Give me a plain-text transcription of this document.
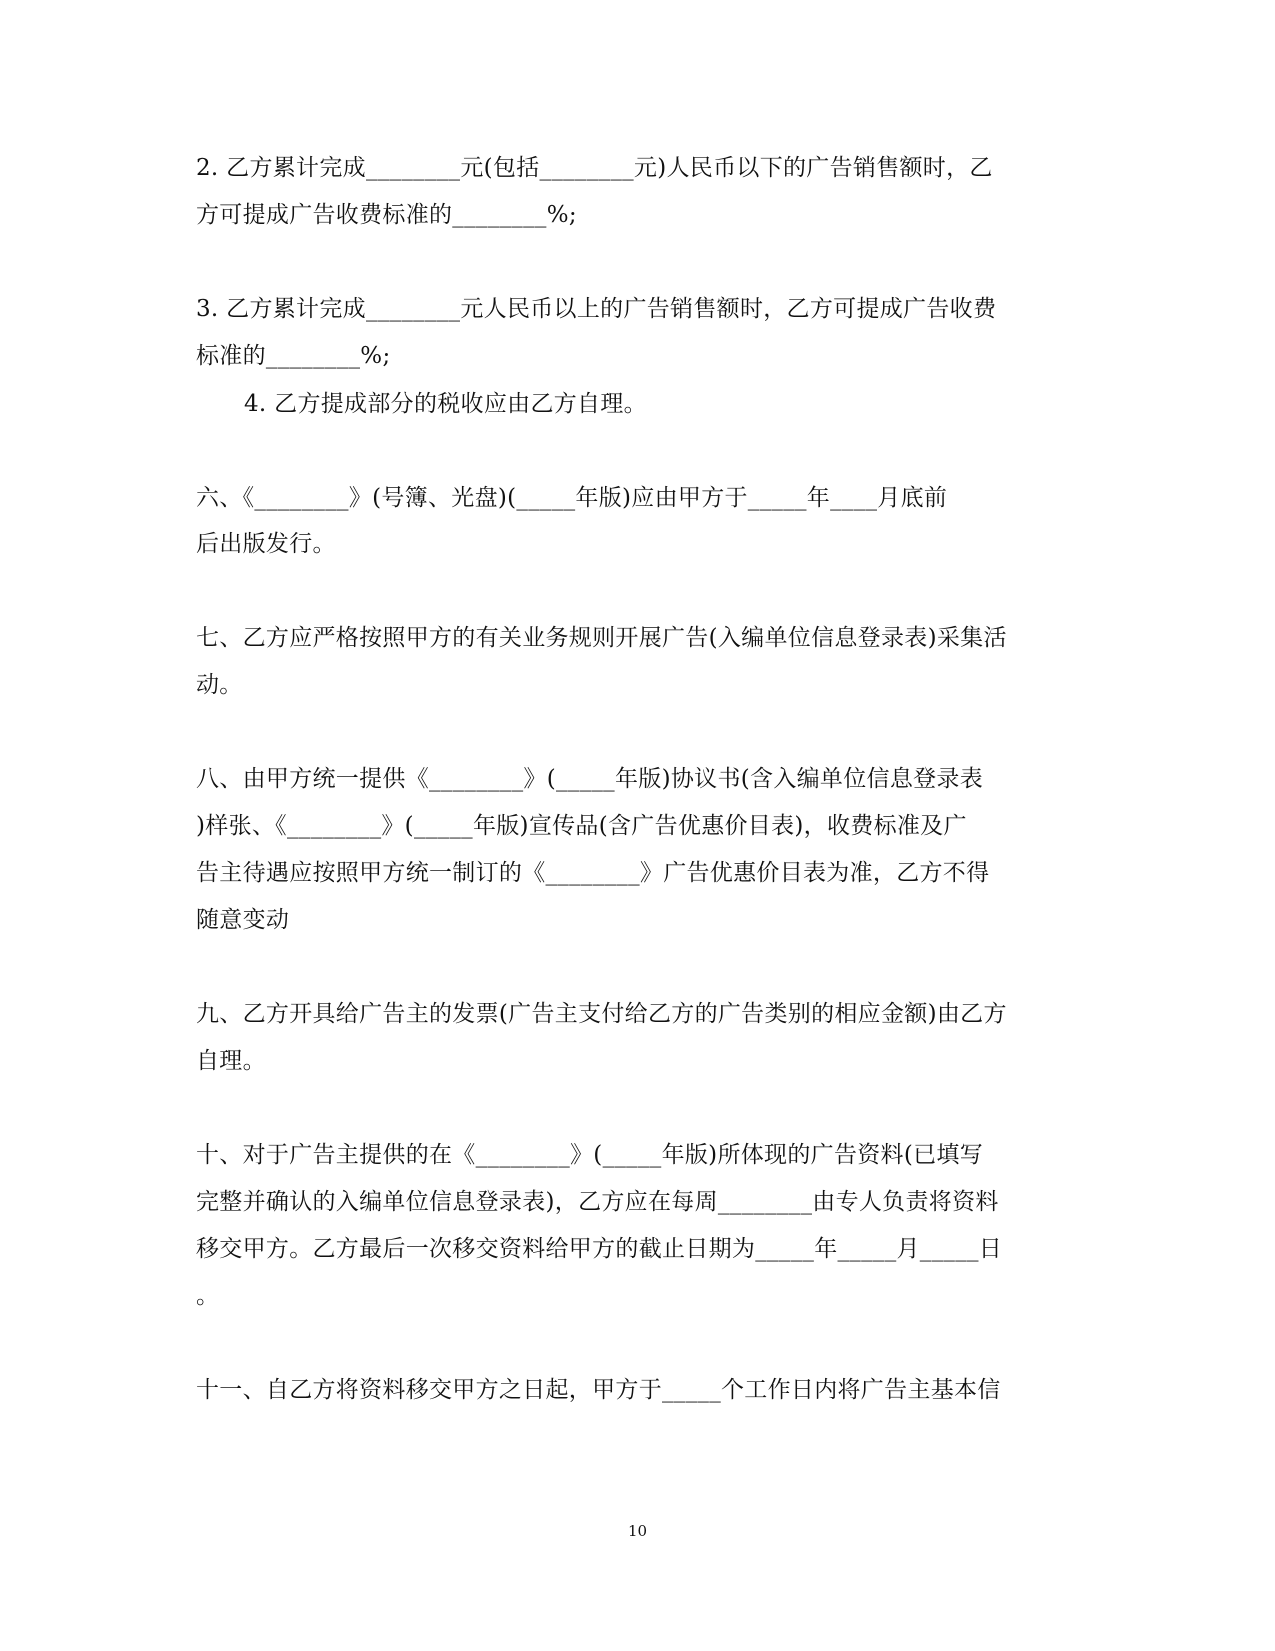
2. 乙方累计完成________元(包括________元)人民币以下的广告销售额时，乙
方可提成广告收费标准的________%;
3. 乙方累计完成________元人民币以上的广告销售额时，乙方可提成广告收费
标准的________%;
4. 乙方提成部分的税收应由乙方自理。
六、《________》(号簿、光盘)(_____年版)应由甲方于_____年____月底前
后出版发行。
七、乙方应严格按照甲方的有关业务规则开展广告(入编单位信息登录表)采集活
动。
八、由甲方统一提供《________》(_____年版)协议书(含入编单位信息登录表
)样张、《________》(_____年版)宣传品(含广告优惠价目表)，收费标准及广
告主待遇应按照甲方统一制订的《________》广告优惠价目表为准，乙方不得
随意变动
九、乙方开具给广告主的发票(广告主支付给乙方的广告类别的相应金额)由乙方
自理。
十、对于广告主提供的在《________》(_____年版)所体现的广告资料(已填写
完整并确认的入编单位信息登录表)，乙方应在每周________由专人负责将资料
移交甲方。乙方最后一次移交资料给甲方的截止日期为_____年_____月_____日
。
十一、自乙方将资料移交甲方之日起，甲方于_____个工作日内将广告主基本信
10
